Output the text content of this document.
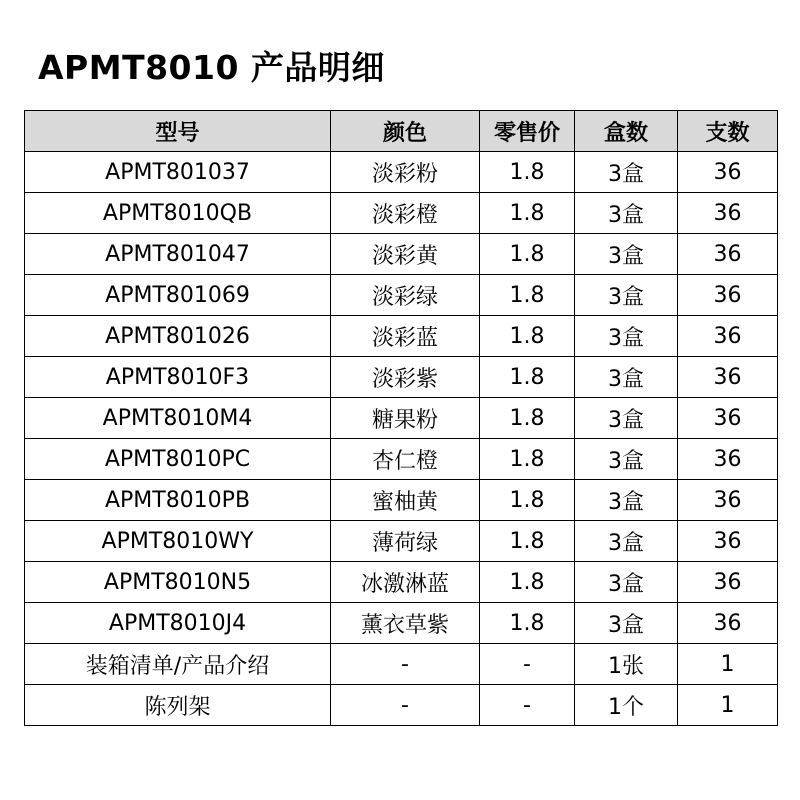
APMT8010 产品明细
型号	颜色	零售价	盒数	支数
APMT801037	淡彩粉	1.8	3盒	36
APMT8010QB	淡彩橙	1.8	3盒	36
APMT801047	淡彩黄	1.8	3盒	36
APMT801069	淡彩绿	1.8	3盒	36
APMT801026	淡彩蓝	1.8	3盒	36
APMT8010F3	淡彩紫	1.8	3盒	36
APMT8010M4	糖果粉	1.8	3盒	36
APMT8010PC	杏仁橙	1.8	3盒	36
APMT8010PB	蜜柚黄	1.8	3盒	36
APMT8010WY	薄荷绿	1.8	3盒	36
APMT8010N5	冰激淋蓝	1.8	3盒	36
APMT8010J4	薰衣草紫	1.8	3盒	36
装箱清单/产品介绍	-	-	1张	1
陈列架	-	-	1个	1
